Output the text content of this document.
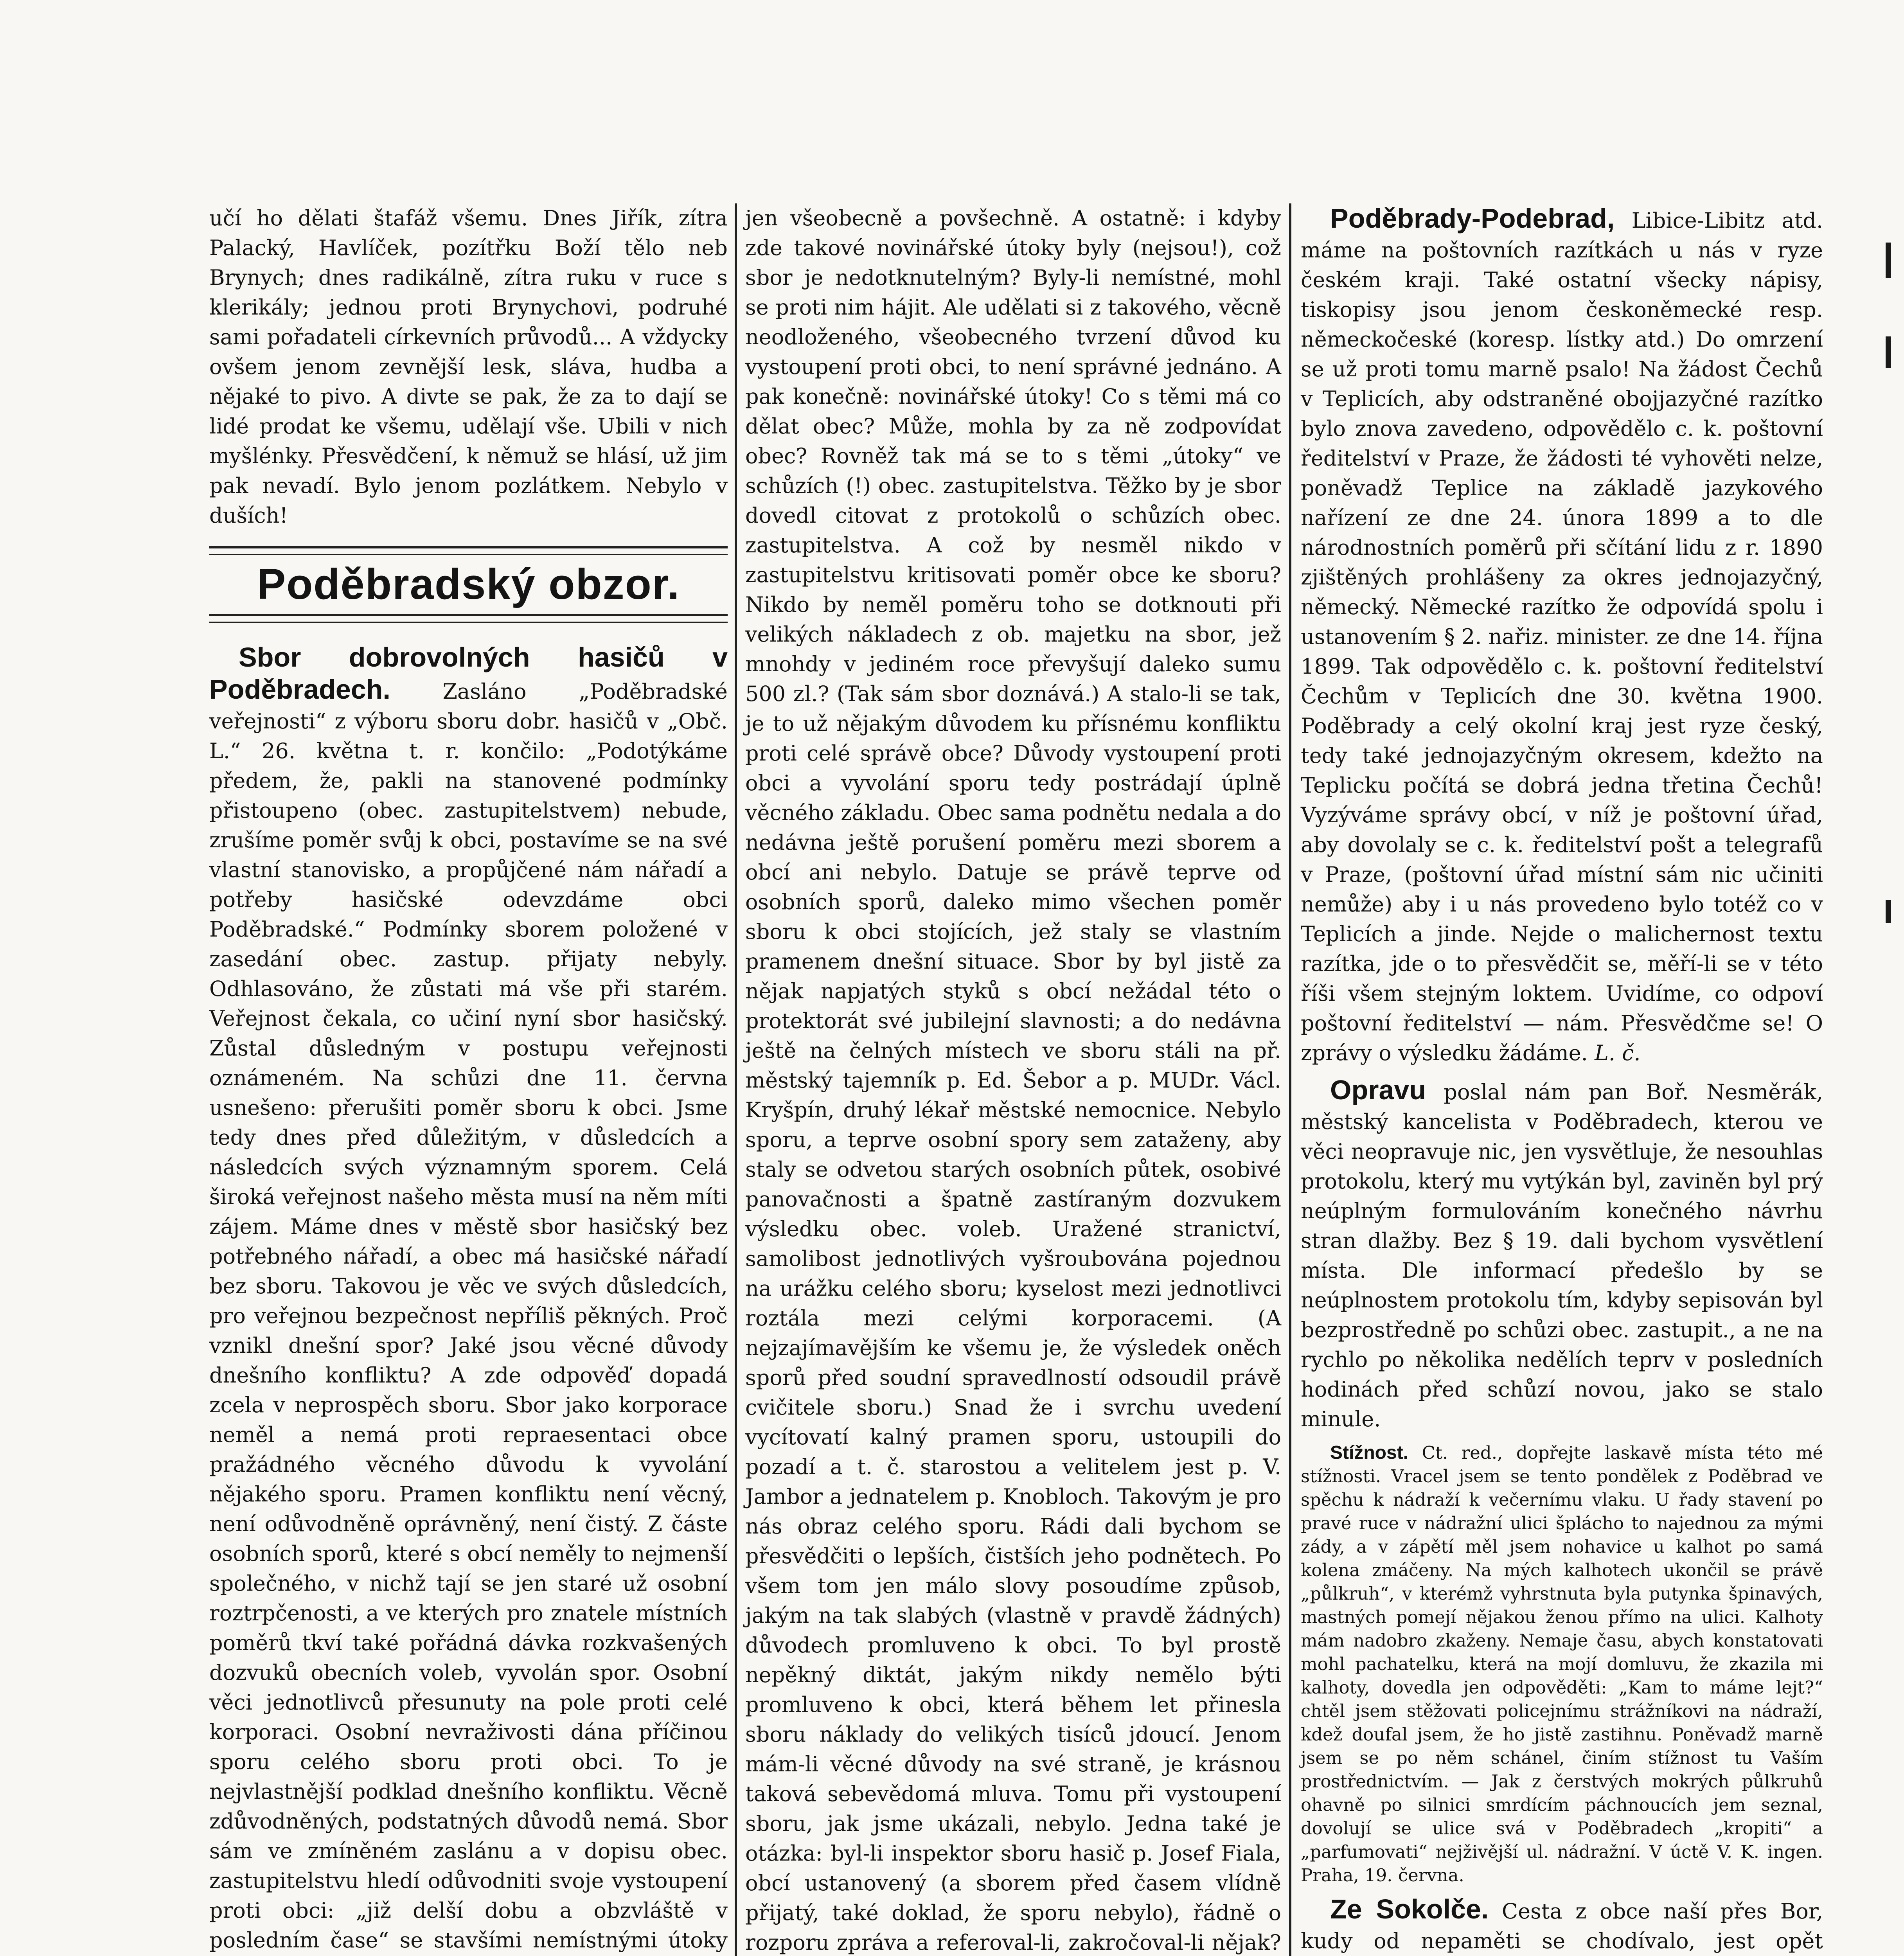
učí ho dělati štafáž všemu. Dnes Jiřík, zítra Palacký, Havlíček, pozítřku Boží tělo neb Brynych; dnes radikálně, zítra ruku v ruce s klerikály; jednou proti Brynychovi, podruhé sami pořadateli církevních průvodů... A vždycky ovšem jenom zevnější lesk, sláva, hudba a nějaké to pivo. A divte se pak, že za to dají se lidé prodat ke všemu, udělají vše. Ubili v nich myšlénky. Přesvědčení, k němuž se hlásí, už jim pak nevadí. Bylo jenom pozlátkem. Nebylo v duších!

Poděbradský obzor.

Sbor dobrovolných hasičů v Poděbradech. Zasláno „Poděbradské veřejnosti“ z výboru sboru dobr. hasičů v „Obč. L.“ 26. května t. r. končilo: „Podotýkáme předem, že, pakli na stanovené podmínky přistoupeno (obec. zastupitelstvem) nebude, zrušíme poměr svůj k obci, postavíme se na své vlastní stanovisko, a propůjčené nám nářadí a potřeby hasičské odevzdáme obci Poděbradské.“ Podmínky sborem položené v zasedání obec. zastup. přijaty nebyly. Odhlasováno, že zůstati má vše při starém. Veřejnost čekala, co učiní nyní sbor hasičský. Zůstal důsledným v postupu veřejnosti oznámeném. Na schůzi dne 11. června usnešeno: přerušiti poměr sboru k obci. Jsme tedy dnes před důležitým, v důsledcích a následcích svých významným sporem. Celá široká veřejnost našeho města musí na něm míti zájem. Máme dnes v městě sbor hasičský bez potřebného nářadí, a obec má hasičské nářadí bez sboru. Takovou je věc ve svých důsledcích, pro veřejnou bezpečnost nepříliš pěkných. Proč vznikl dnešní spor? Jaké jsou věcné důvody dnešního konfliktu? A zde odpověď dopadá zcela v neprospěch sboru. Sbor jako korporace neměl a nemá proti repraesentaci obce pražádného věcného důvodu k vyvolání nějakého sporu. Pramen konfliktu není věcný, není odůvodněně oprávněný, není čistý. Z částe osobních sporů, které s obcí neměly to nejmenší společného, v nichž tají se jen staré už osobní roztrpčenosti, a ve kterých pro znatele místních poměrů tkví také pořádná dávka rozkvašených dozvuků obecních voleb, vyvolán spor. Osobní věci jednotlivců přesunuty na pole proti celé korporaci. Osobní nevraživosti dána příčinou sporu celého sboru proti obci. To je nejvlastnější podklad dnešního konfliktu. Věcně zdůvodněných, podstatných důvodů nemá. Sbor sám ve zmíněném zaslánu a v dopisu obec. zastupitelstvu hledí odůvodniti svoje vystoupení proti obci: „již delší dobu a obzvláště v posledním čase“ se stavšími nemístnými útoky

jen všeobecně a povšechně. A ostatně: i kdyby zde takové novinářské útoky byly (nejsou!), což sbor je nedotknutelným? Byly-li nemístné, mohl se proti nim hájit. Ale udělati si z takového, věcně neodloženého, všeobecného tvrzení důvod ku vystoupení proti obci, to není správné jednáno. A pak konečně: novinářské útoky! Co s těmi má co dělat obec? Může, mohla by za ně zodpovídat obec? Rovněž tak má se to s těmi „útoky“ ve schůzích (!) obec. zastupitelstva. Těžko by je sbor dovedl citovat z protokolů o schůzích obec. zastupitelstva. A což by nesměl nikdo v zastupitelstvu kritisovati poměr obce ke sboru? Nikdo by neměl poměru toho se dotknouti při velikých nákladech z ob. majetku na sbor, jež mnohdy v jediném roce převyšují daleko sumu 500 zl.? (Tak sám sbor doznává.) A stalo-li se tak, je to už nějakým důvodem ku přísnému konfliktu proti celé správě obce? Důvody vystoupení proti obci a vyvolání sporu tedy postrádají úplně věcného základu. Obec sama podnětu nedala a do nedávna ještě porušení poměru mezi sborem a obcí ani nebylo. Datuje se právě teprve od osobních sporů, daleko mimo všechen poměr sboru k obci stojících, jež staly se vlastním pramenem dnešní situace. Sbor by byl jistě za nějak napjatých styků s obcí nežádal této o protektorát své jubilejní slavnosti; a do nedávna ještě na čelných místech ve sboru stáli na př. městský tajemník p. Ed. Šebor a p. MUDr. Václ. Kryšpín, druhý lékař městské nemocnice. Nebylo sporu, a teprve osobní spory sem zataženy, aby staly se odvetou starých osobních půtek, osobivé panovačnosti a špatně zastíraným dozvukem výsledku obec. voleb. Uražené stranictví, samolibost jednotlivých vyšroubována pojednou na urážku celého sboru; kyselost mezi jednotlivci roztála mezi celými korporacemi. (A nejzajímavějším ke všemu je, že výsledek oněch sporů před soudní spravedlností odsoudil právě cvičitele sboru.) Snad že i svrchu uvedení vycítovatí kalný pramen sporu, ustoupili do pozadí a t. č. starostou a velitelem jest p. V. Jambor a jednatelem p. Knobloch. Takovým je pro nás obraz celého sporu. Rádi dali bychom se přesvědčiti o lepších, čistších jeho podnětech. Po všem tom jen málo slovy posoudíme způsob, jakým na tak slabých (vlastně v pravdě žádných) důvodech promluveno k obci. To byl prostě nepěkný diktát, jakým nikdy nemělo býti promluveno k obci, která během let přinesla sboru náklady do velikých tisíců jdoucí. Jenom mám-li věcné důvody na své straně, je krásnou taková sebevědomá mluva. Tomu při vystoupení sboru, jak jsme ukázali, nebylo. Jedna také je otázka: byl-li inspektor sboru hasič p. Josef Fiala, obcí ustanovený (a sborem před časem vlídně přijatý, také doklad, že sporu nebylo), řádně o rozporu zpráva a referoval-li, zakročoval-li nějak?

Poděbrady-Podebrad, Libice-Libitz atd. máme na poštovních razítkách u nás v ryze českém kraji. Také ostatní všecky nápisy, tiskopisy jsou jenom českoněmecké resp. německočeské (koresp. lístky atd.) Do omrzení se už proti tomu marně psalo! Na žádost Čechů v Teplicích, aby odstraněné obojjazyčné razítko bylo znova zavedeno, odpovědělo c. k. poštovní ředitelství v Praze, že žádosti té vyhověti nelze, poněvadž Teplice na základě jazykového nařízení ze dne 24. února 1899 a to dle národnostních poměrů při sčítání lidu z r. 1890 zjištěných prohlášeny za okres jednojazyčný, německý. Německé razítko že odpovídá spolu i ustanovením § 2. nařiz. minister. ze dne 14. října 1899. Tak odpovědělo c. k. poštovní ředitelství Čechům v Teplicích dne 30. května 1900. Poděbrady a celý okolní kraj jest ryze český, tedy také jednojazyčným okresem, kdežto na Teplicku počítá se dobrá jedna třetina Čechů! Vyzýváme správy obcí, v níž je poštovní úřad, aby dovolaly se c. k. ředitelství pošt a telegrafů v Praze, (poštovní úřad místní sám nic učiniti nemůže) aby i u nás provedeno bylo totéž co v Teplicích a jinde. Nejde o malichernost textu razítka, jde o to přesvědčit se, měří-li se v této říši všem stejným loktem. Uvidíme, co odpoví poštovní ředitelství — nám. Přesvědčme se! O zprávy o výsledku žádáme. L. č.

Opravu poslal nám pan Boř. Nesměrák, městský kancelista v Poděbradech, kterou ve věci neopravuje nic, jen vysvětluje, že nesouhlas protokolu, který mu vytýkán byl, zaviněn byl prý neúplným formulováním konečného návrhu stran dlažby. Bez § 19. dali bychom vysvětlení místa. Dle informací předešlo by se neúplnostem protokolu tím, kdyby sepisován byl bezprostředně po schůzi obec. zastupit., a ne na rychlo po několika nedělích teprv v posledních hodinách před schůzí novou, jako se stalo minule.

Stížnost. Ct. red., dopřejte laskavě místa této mé stížnosti. Vracel jsem se tento pondělek z Poděbrad ve spěchu k nádraží k večernímu vlaku. U řady stavení po pravé ruce v nádražní ulici šplácho to najednou za mými zády, a v zápětí měl jsem nohavice u kalhot po samá kolena zmáčeny. Na mých kalhotech ukončil se právě „půlkruh“, v kterémž vyhrstnuta byla putynka špinavých, mastných pomejí nějakou ženou přímo na ulici. Kalhoty mám nadobro zkaženy. Nemaje času, abych konstatovati mohl pachatelku, která na mojí domluvu, že zkazila mi kalhoty, dovedla jen odpověděti: „Kam to máme lejt?“ chtěl jsem stěžovati policejnímu strážníkovi na nádraží, kdež doufal jsem, že ho jistě zastihnu. Poněvadž marně jsem se po něm schánel, činím stížnost tu Vaším prostřednictvím. — Jak z čerstvých mokrých půlkruhů ohavně po silnici smrdícím páchnoucích jem seznal, dovolují se ulice svá v Poděbradech „kropiti“ a „parfumovati“ nejživější ul. nádražní. V úctě V. K. ingen. Praha, 19. června.

Ze Sokolče. Cesta z obce naší přes Bor, kudy od nepaměti se chodívalo, jest opět
